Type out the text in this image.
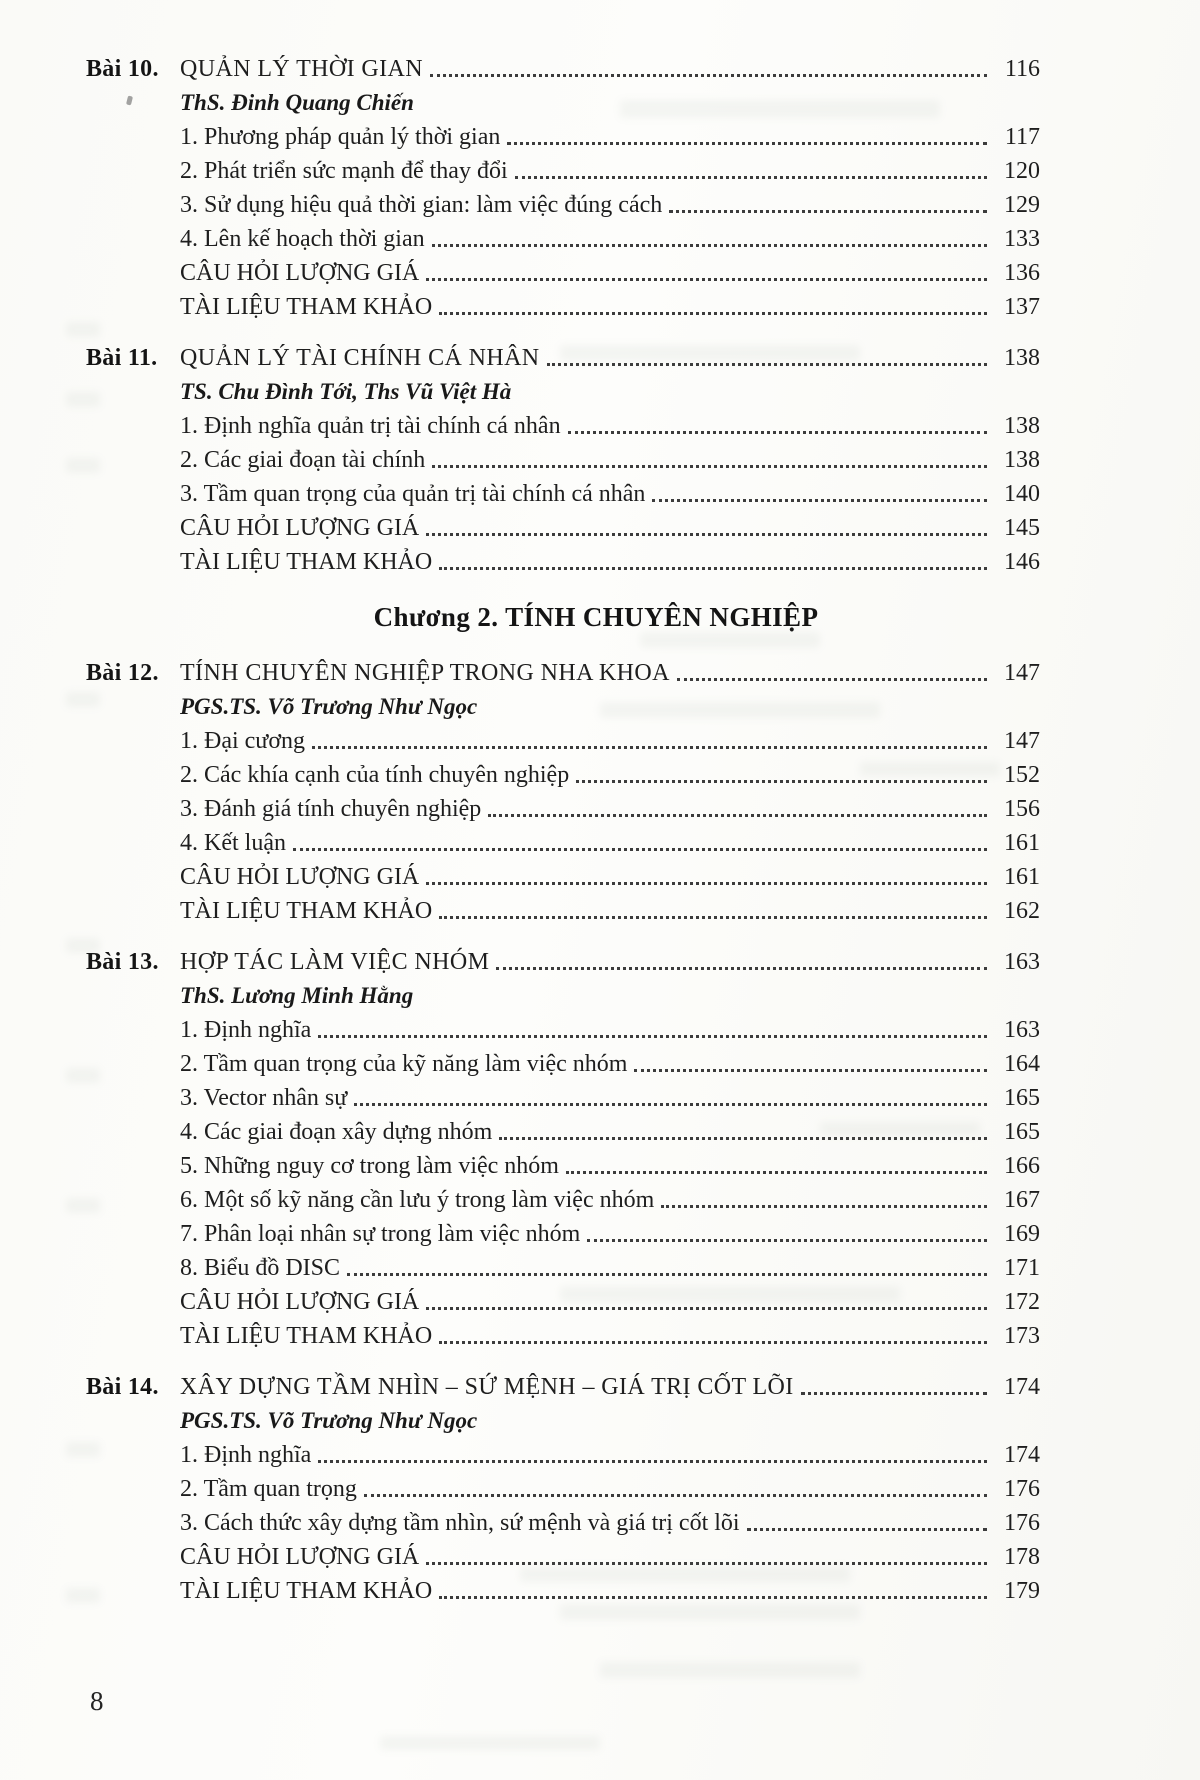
Bài 10. QUẢN LÝ THỜI GIAN	116
ThS. Đinh Quang Chiến
1. Phương pháp quản lý thời gian	117
2. Phát triển sức mạnh để thay đổi	120
3. Sử dụng hiệu quả thời gian: làm việc đúng cách	129
4. Lên kế hoạch thời gian	133
CÂU HỎI LƯỢNG GIÁ	136
TÀI LIỆU THAM KHẢO	137
Bài 11. QUẢN LÝ TÀI CHÍNH CÁ NHÂN	138
TS. Chu Đình Tới, Ths Vũ Việt Hà
1. Định nghĩa quản trị tài chính cá nhân	138
2. Các giai đoạn tài chính	138
3. Tầm quan trọng của quản trị tài chính cá nhân	140
CÂU HỎI LƯỢNG GIÁ	145
TÀI LIỆU THAM KHẢO	146
Chương 2. TÍNH CHUYÊN NGHIỆP
Bài 12. TÍNH CHUYÊN NGHIỆP TRONG NHA KHOA	147
PGS.TS. Võ Trương Như Ngọc
1. Đại cương	147
2. Các khía cạnh của tính chuyên nghiệp	152
3. Đánh giá tính chuyên nghiệp	156
4. Kết luận	161
CÂU HỎI LƯỢNG GIÁ	161
TÀI LIỆU THAM KHẢO	162
Bài 13. HỢP TÁC LÀM VIỆC NHÓM	163
ThS. Lương Minh Hằng
1. Định nghĩa	163
2. Tầm quan trọng của kỹ năng làm việc nhóm	164
3. Vector nhân sự	165
4. Các giai đoạn xây dựng nhóm	165
5. Những nguy cơ trong làm việc nhóm	166
6. Một số kỹ năng cần lưu ý trong làm việc nhóm	167
7. Phân loại nhân sự trong làm việc nhóm	169
8. Biểu đồ DISC	171
CÂU HỎI LƯỢNG GIÁ	172
TÀI LIỆU THAM KHẢO	173
Bài 14. XÂY DỰNG TẦM NHÌN – SỨ MỆNH – GIÁ TRỊ CỐT LÕI	174
PGS.TS. Võ Trương Như Ngọc
1. Định nghĩa	174
2. Tầm quan trọng	176
3. Cách thức xây dựng tầm nhìn, sứ mệnh và giá trị cốt lõi	176
CÂU HỎI LƯỢNG GIÁ	178
TÀI LIỆU THAM KHẢO	179
8
